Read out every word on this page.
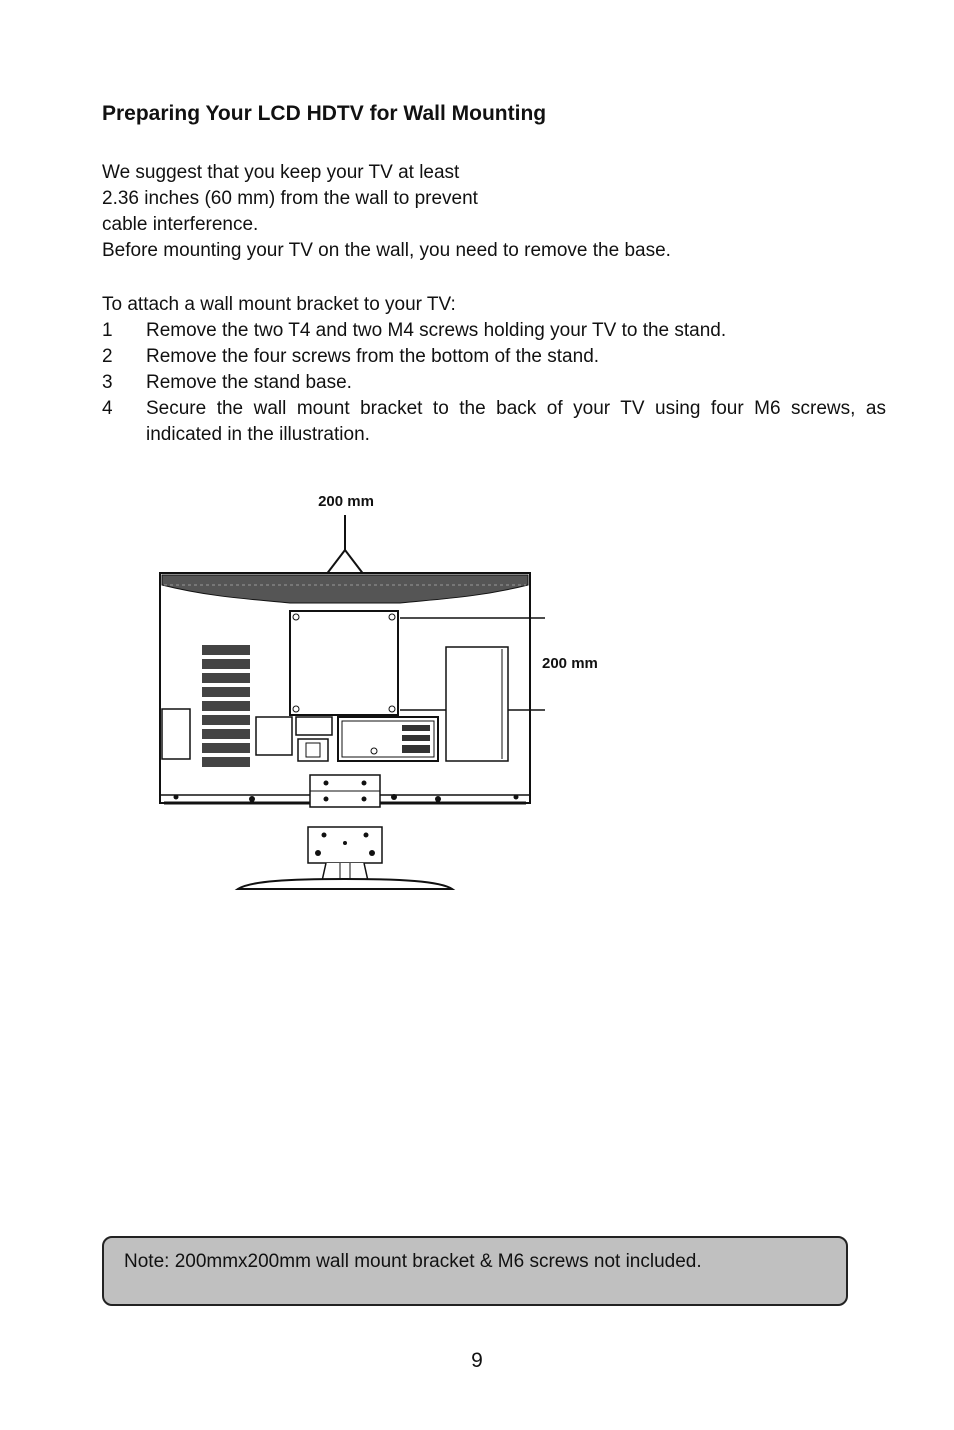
Preparing Your LCD HDTV for Wall Mounting
We suggest that you keep your TV at least
2.36 inches (60 mm) from the wall to prevent
cable interference.
Before mounting your TV on the wall, you need to remove the base.
To attach a wall mount bracket to your TV:
1	Remove the two T4 and two M4 screws holding your TV to the stand.
2	Remove the four screws from the bottom of the stand.
3	Remove the stand base.
4	Secure the wall mount bracket to the back of your TV using four M6 screws, as indicated in the illustration.
200 mm
200 mm
Note: 200mmx200mm wall mount bracket & M6 screws not included.
9
